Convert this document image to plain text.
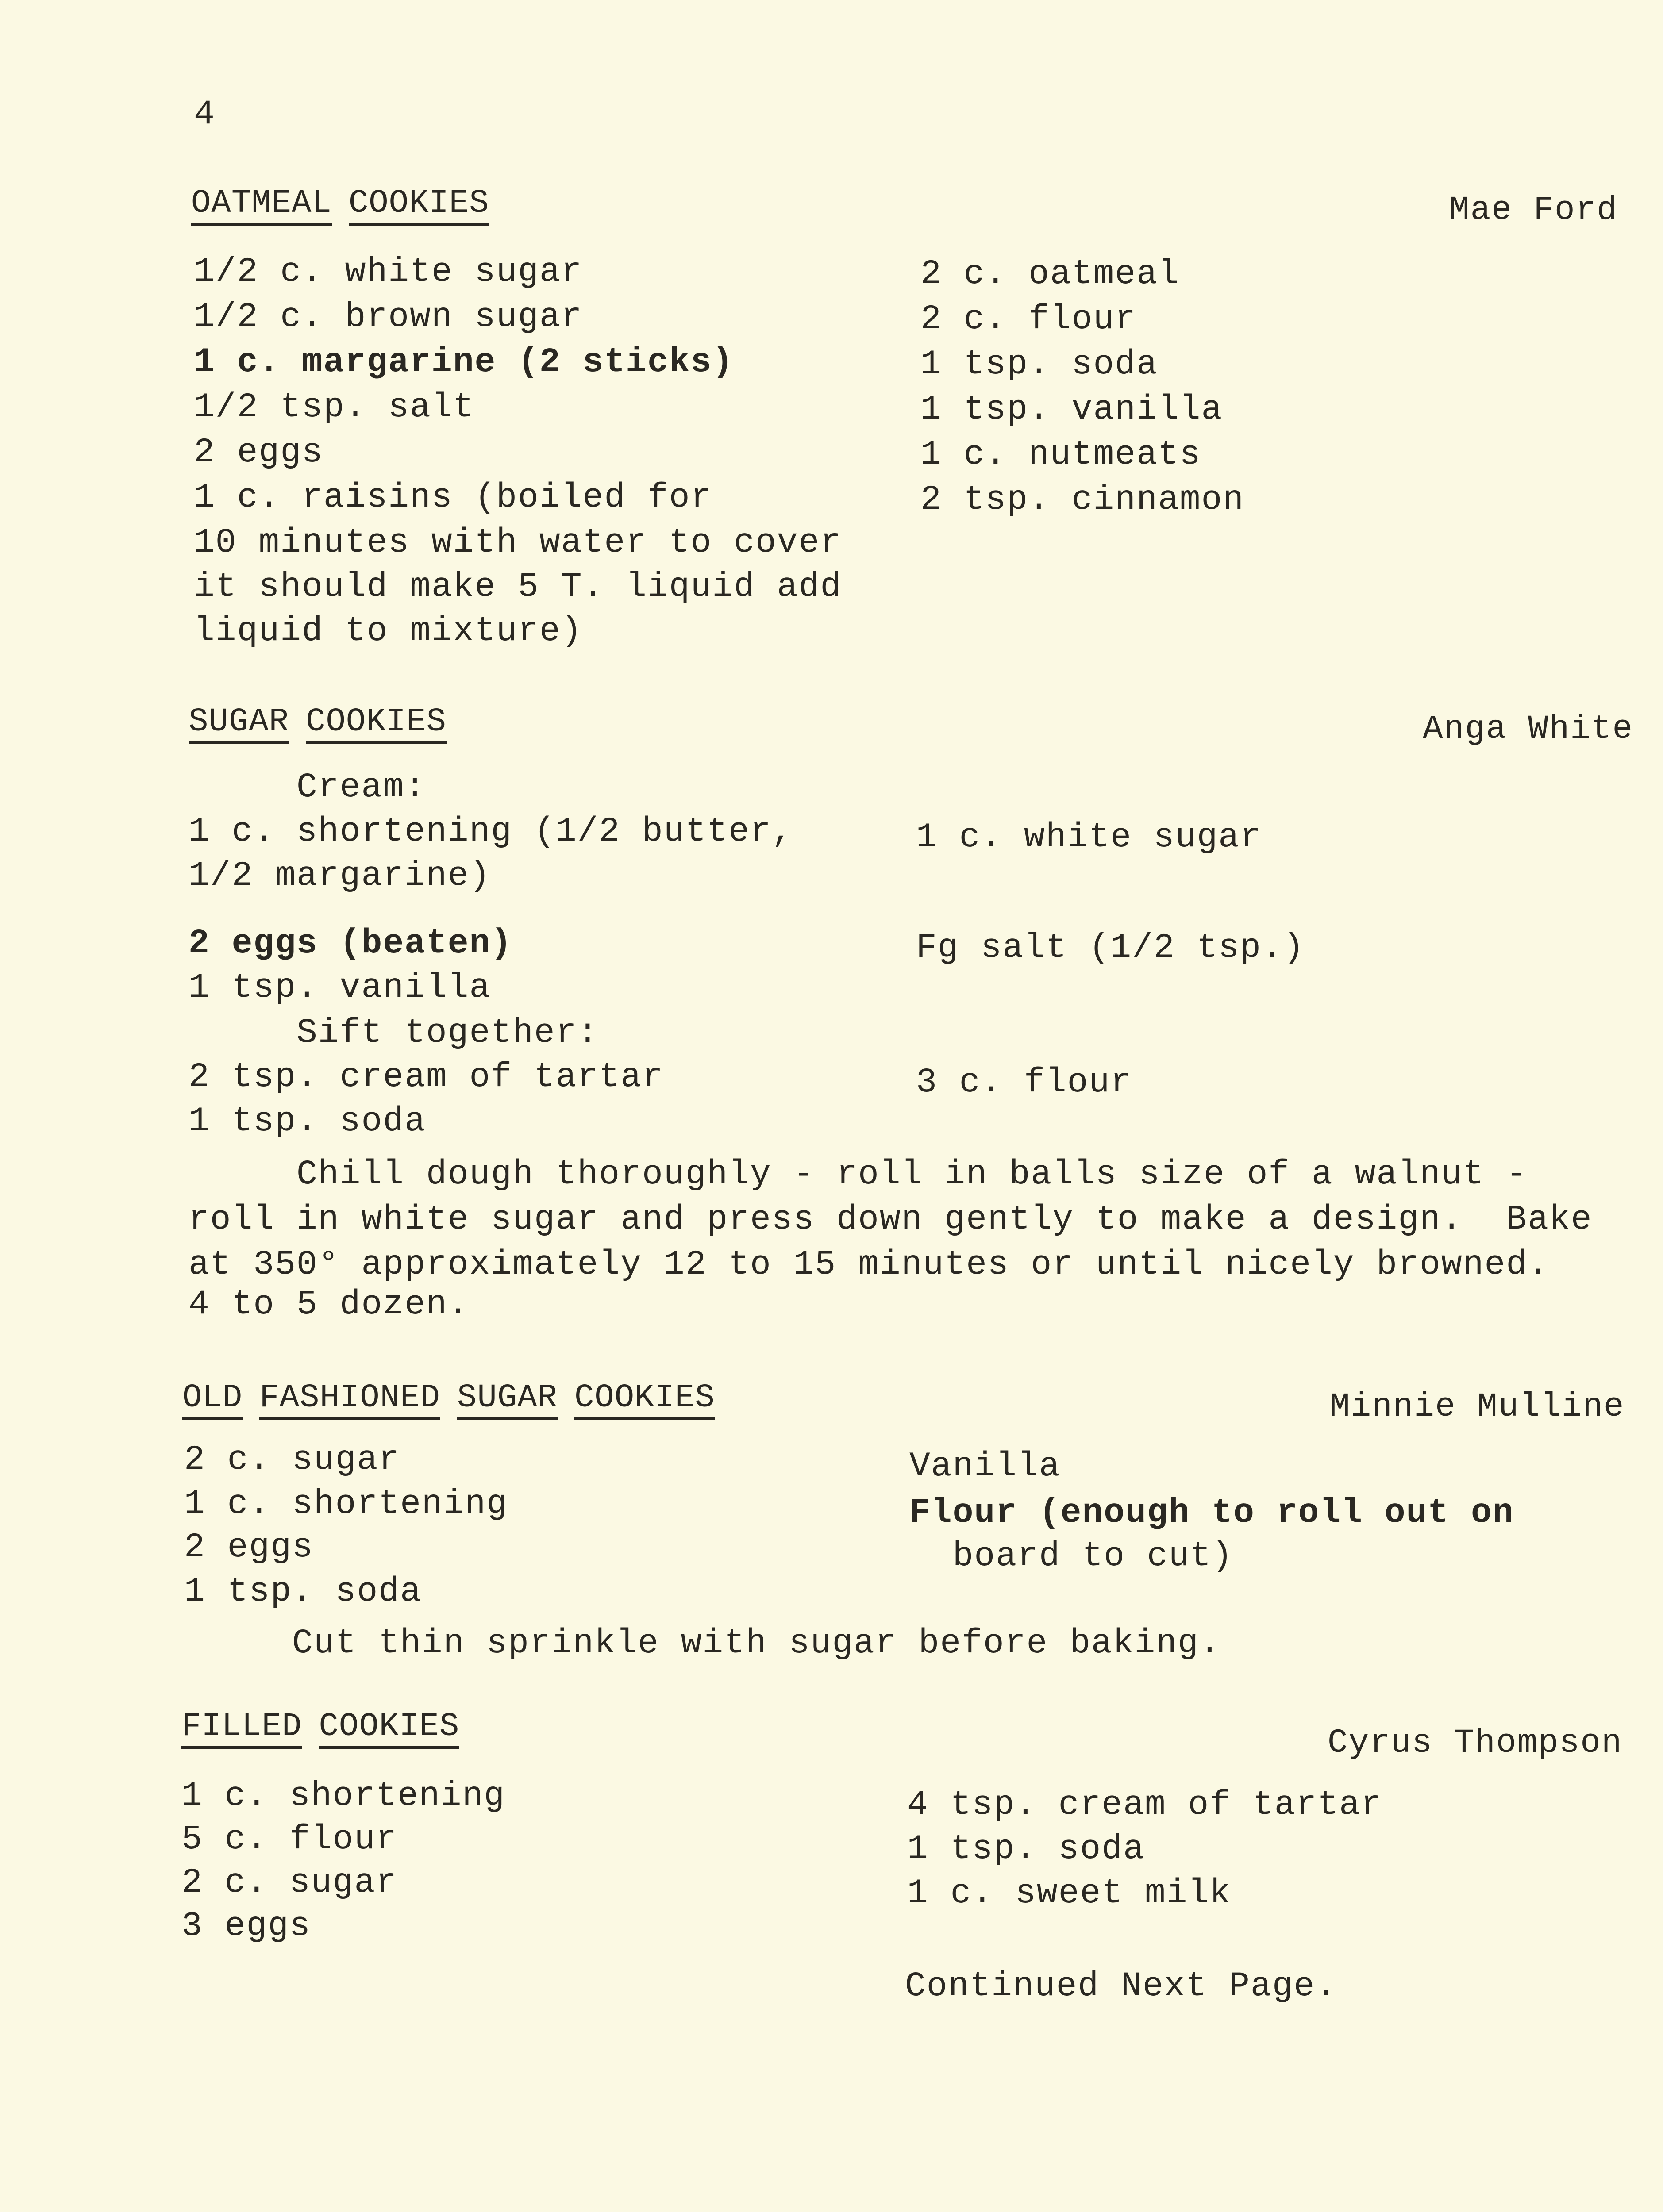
4
OATMEAL COOKIES	Mae Ford
1/2 c. white sugar
1/2 c. brown sugar
1 c. margarine (2 sticks)
1/2 tsp. salt
2 eggs
1 c. raisins (boiled for
10 minutes with water to cover
it should make 5 T. liquid add
liquid to mixture)
2 c. oatmeal
2 c. flour
1 tsp. soda
1 tsp. vanilla
1 c. nutmeats
2 tsp. cinnamon
SUGAR COOKIES	Anga White
Cream:
1 c. shortening (1/2 butter,
1/2 margarine)
1 c. white sugar
2 eggs (beaten)	Fg salt (1/2 tsp.)
1 tsp. vanilla
Sift together:
2 tsp. cream of tartar	3 c. flour
1 tsp. soda
Chill dough thoroughly - roll in balls size of a walnut -
roll in white sugar and press down gently to make a design.  Bake
at 350° approximately 12 to 15 minutes or until nicely browned.
4 to 5 dozen.
OLD FASHIONED SUGAR COOKIES	Minnie Mulline
2 c. sugar
1 c. shortening
2 eggs
1 tsp. soda
Vanilla
Flour (enough to roll out on
board to cut)
Cut thin sprinkle with sugar before baking.
FILLED COOKIES	Cyrus Thompson
1 c. shortening
5 c. flour
2 c. sugar
3 eggs
4 tsp. cream of tartar
1 tsp. soda
1 c. sweet milk
Continued Next Page.
